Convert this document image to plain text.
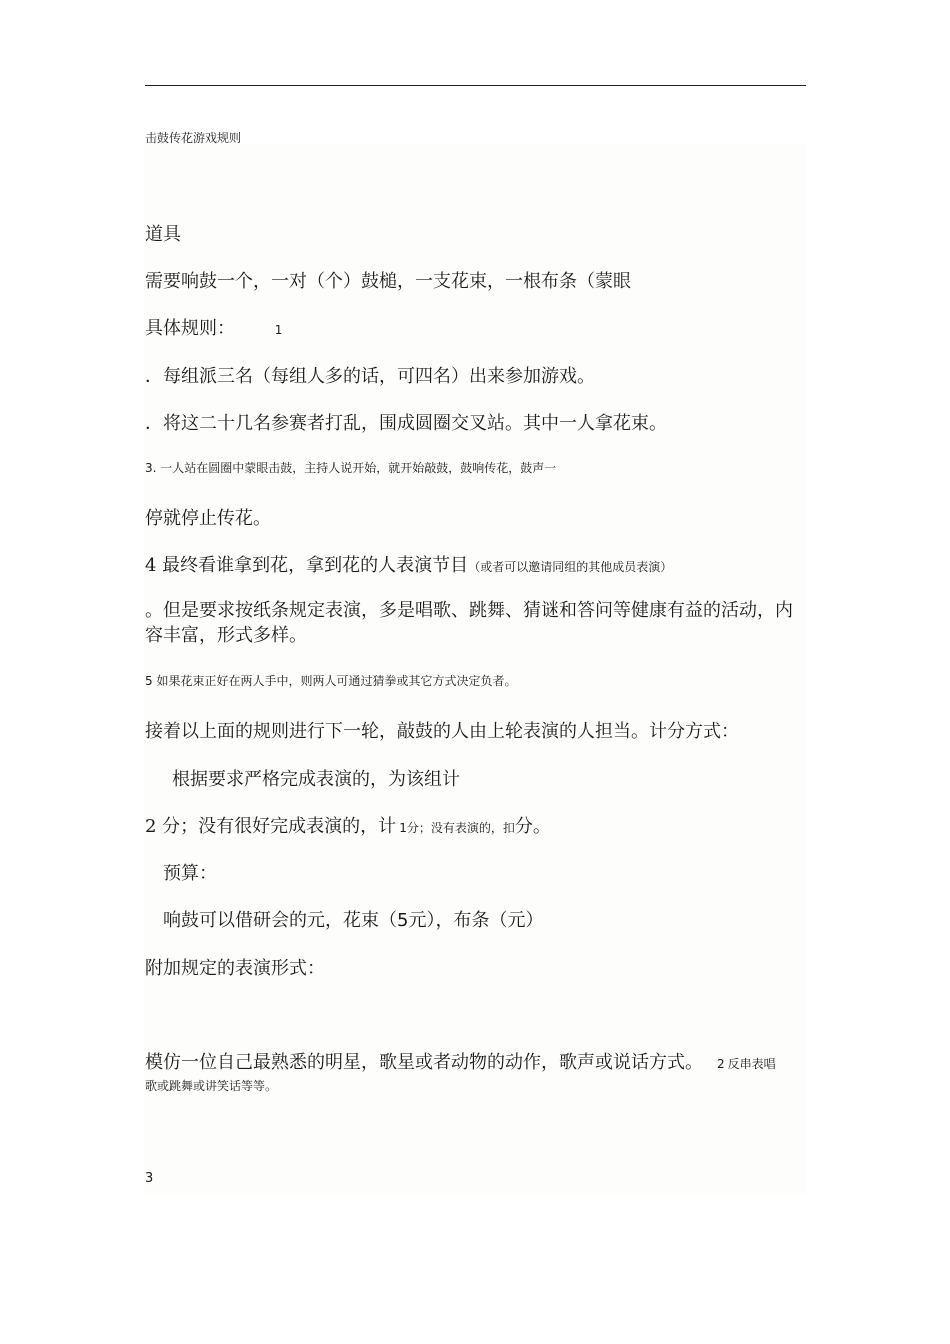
击鼓传花游戏规则
道具
需要响鼓一个，一对（个）鼓槌，一支花束，一根布条（蒙眼
具体规则：	1
．每组派三名（每组人多的话，可四名）出来参加游戏。
．将这二十几名参赛者打乱，围成圆圈交叉站。其中一人拿花束。
3. 一人站在圆圈中蒙眼击鼓，主持人说开始，就开始敲鼓，鼓响传花，鼓声一
停就停止传花。
4 最终看谁拿到花，拿到花的人表演节目（或者可以邀请同组的其他成员表演）
。但是要求按纸条规定表演，多是唱歌、跳舞、猜谜和答问等健康有益的活动，内容丰富，形式多样。
5 如果花束正好在两人手中，则两人可通过猜拳或其它方式决定负者。
接着以上面的规则进行下一轮，敲鼓的人由上轮表演的人担当。计分方式：
根据要求严格完成表演的，为该组计
2 分；没有很好完成表演的，计 1分；没有表演的，扣分。
预算：
响鼓可以借研会的元，花束（5元），布条（元）
附加规定的表演形式：
模仿一位自己最熟悉的明星，歌星或者动物的动作，歌声或说话方式。 2 反串表唱
歌或跳舞或讲笑话等等。
3
